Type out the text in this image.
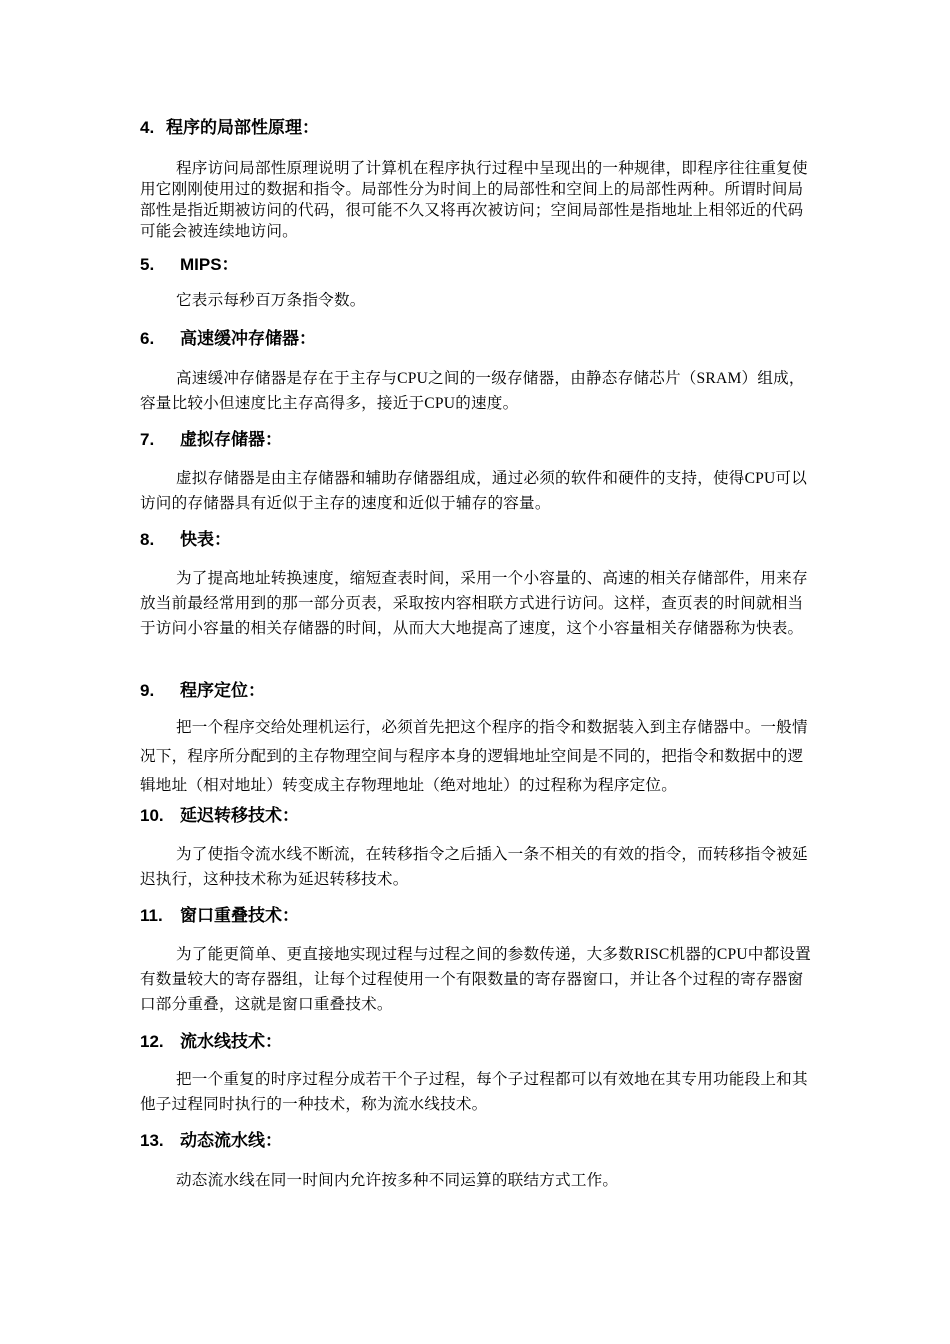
4. 程序的局部性原理：
程序访问局部性原理说明了计算机在程序执行过程中呈现出的一种规律，即程序往往重复使用它刚刚使用过的数据和指令。局部性分为时间上的局部性和空间上的局部性两种。所谓时间局部性是指近期被访问的代码，很可能不久又将再次被访问；空间局部性是指地址上相邻近的代码可能会被连续地访问。
5. MIPS：
它表示每秒百万条指令数。
6. 高速缓冲存储器：
高速缓冲存储器是存在于主存与CPU之间的一级存储器，由静态存储芯片（SRAM）组成，容量比较小但速度比主存高得多，接近于CPU的速度。
7. 虚拟存储器：
虚拟存储器是由主存储器和辅助存储器组成，通过必须的软件和硬件的支持，使得CPU可以访问的存储器具有近似于主存的速度和近似于辅存的容量。
8. 快表：
为了提高地址转换速度，缩短查表时间，采用一个小容量的、高速的相关存储部件，用来存放当前最经常用到的那一部分页表，采取按内容相联方式进行访问。这样，查页表的时间就相当于访问小容量的相关存储器的时间，从而大大地提高了速度，这个小容量相关存储器称为快表。
9. 程序定位：
把一个程序交给处理机运行，必须首先把这个程序的指令和数据装入到主存储器中。一般情况下，程序所分配到的主存物理空间与程序本身的逻辑地址空间是不同的，把指令和数据中的逻辑地址（相对地址）转变成主存物理地址（绝对地址）的过程称为程序定位。
10. 延迟转移技术：
为了使指令流水线不断流，在转移指令之后插入一条不相关的有效的指令，而转移指令被延迟执行，这种技术称为延迟转移技术。
11. 窗口重叠技术：
为了能更简单、更直接地实现过程与过程之间的参数传递，大多数RISC机器的CPU中都设置有数量较大的寄存器组，让每个过程使用一个有限数量的寄存器窗口，并让各个过程的寄存器窗口部分重叠，这就是窗口重叠技术。
12. 流水线技术：
把一个重复的时序过程分成若干个子过程，每个子过程都可以有效地在其专用功能段上和其他子过程同时执行的一种技术，称为流水线技术。
13. 动态流水线：
动态流水线在同一时间内允许按多种不同运算的联结方式工作。
